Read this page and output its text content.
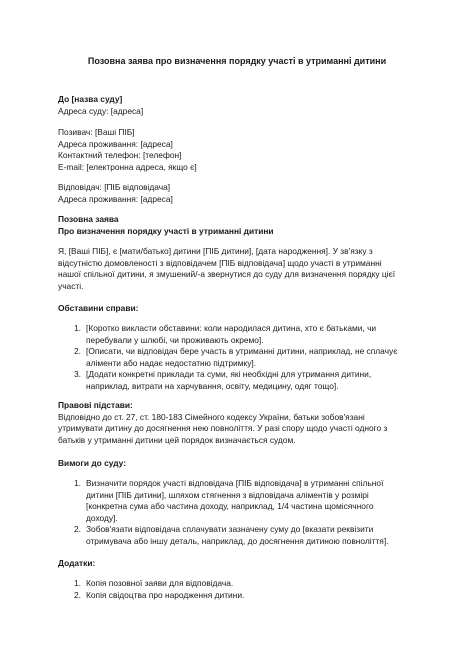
Позовна заява про визначення порядку участі в утриманні дитини

До [назва суду]

Адреса суду: [адреса]

Позивач: [Ваші ПІБ]

Адреса проживання: [адреса]

Контактний телефон: [телефон]

E-mail: [електронна адреса, якщо є]

Відповідач: [ПІБ відповідача]

Адреса проживання: [адреса]

Позовна заява

Про визначення порядку участі в утриманні дитини

Я, [Ваші ПІБ], є [мати/батько] дитини [ПІБ дитини], [дата народження]. У зв'язку з

відсутністю домовленості з відповідачем [ПІБ відповідача] щодо участі в утриманні

нашої спільної дитини, я змушений/-а звернутися до суду для визначення порядку цієї

участі.

Обставини справи:

1. [Коротко викласти обставини: коли народилася дитина, хто є батьками, чи

перебували у шлюбі, чи проживають окремо].

2. [Описати, чи відповідач бере участь в утриманні дитини, наприклад, не сплачує

аліменти або надає недостатню підтримку].

3. [Додати конкретні приклади та суми, які необхідні для утримання дитини,

наприклад, витрати на харчування, освіту, медицину, одяг тощо].

Правові підстави:

Відповідно до ст. 27, ст. 180-183 Сімейного кодексу України, батьки зобов'язані

утримувати дитину до досягнення нею повноліття. У разі спору щодо участі одного з

батьків у утриманні дитини цей порядок визначається судом.

Вимоги до суду:

1. Визначити порядок участі відповідача [ПІБ відповідача] в утриманні спільної

дитини [ПІБ дитини], шляхом стягнення з відповідача аліментів у розмірі

[конкретна сума або частина доходу, наприклад, 1/4 частина щомісячного

доходу].

2. Зобов'язати відповідача сплачувати зазначену суму до [вказати реквізити

отримувача або іншу деталь, наприклад, до досягнення дитиною повноліття].

Додатки:

1. Копія позовної заяви для відповідача.

2. Копія свідоцтва про народження дитини.
